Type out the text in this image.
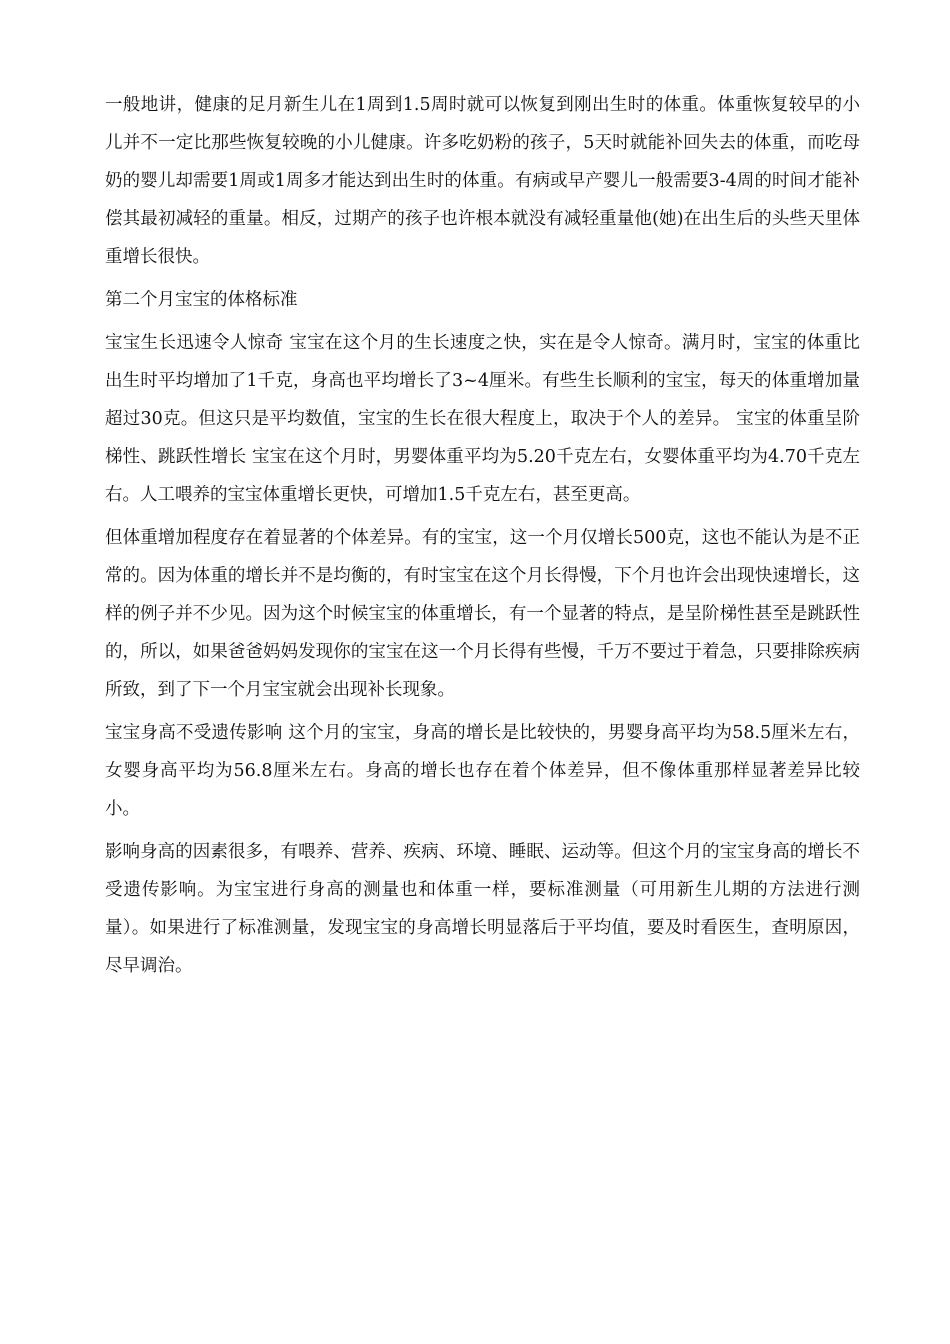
一般地讲，健康的足月新生儿在1周到1.5周时就可以恢复到刚出生时的体重。体重恢复较早的小儿并不一定比那些恢复较晚的小儿健康。许多吃奶粉的孩子，5天时就能补回失去的体重，而吃母奶的婴儿却需要1周或1周多才能达到出生时的体重。有病或早产婴儿一般需要3-4周的时间才能补偿其最初减轻的重量。相反，过期产的孩子也许根本就没有减轻重量他(她)在出生后的头些天里体重增长很快。

第二个月宝宝的体格标准

宝宝生长迅速令人惊奇 宝宝在这个月的生长速度之快，实在是令人惊奇。满月时，宝宝的体重比出生时平均增加了1千克，身高也平均增长了3~4厘米。有些生长顺利的宝宝，每天的体重增加量超过30克。但这只是平均数值，宝宝的生长在很大程度上，取决于个人的差异。 宝宝的体重呈阶梯性、跳跃性增长 宝宝在这个月时，男婴体重平均为5.20千克左右，女婴体重平均为4.70千克左右。人工喂养的宝宝体重增长更快，可增加1.5千克左右，甚至更高。

但体重增加程度存在着显著的个体差异。有的宝宝，这一个月仅增长500克，这也不能认为是不正常的。因为体重的增长并不是均衡的，有时宝宝在这个月长得慢，下个月也许会出现快速增长，这样的例子并不少见。因为这个时候宝宝的体重增长，有一个显著的特点，是呈阶梯性甚至是跳跃性的，所以，如果爸爸妈妈发现你的宝宝在这一个月长得有些慢，千万不要过于着急，只要排除疾病所致，到了下一个月宝宝就会出现补长现象。

宝宝身高不受遗传影响 这个月的宝宝，身高的增长是比较快的，男婴身高平均为58.5厘米左右，女婴身高平均为56.8厘米左右。身高的增长也存在着个体差异，但不像体重那样显著差异比较小。

影响身高的因素很多，有喂养、营养、疾病、环境、睡眠、运动等。但这个月的宝宝身高的增长不受遗传影响。为宝宝进行身高的测量也和体重一样，要标准测量（可用新生儿期的方法进行测量）。如果进行了标准测量，发现宝宝的身高增长明显落后于平均值，要及时看医生，查明原因，尽早调治。
